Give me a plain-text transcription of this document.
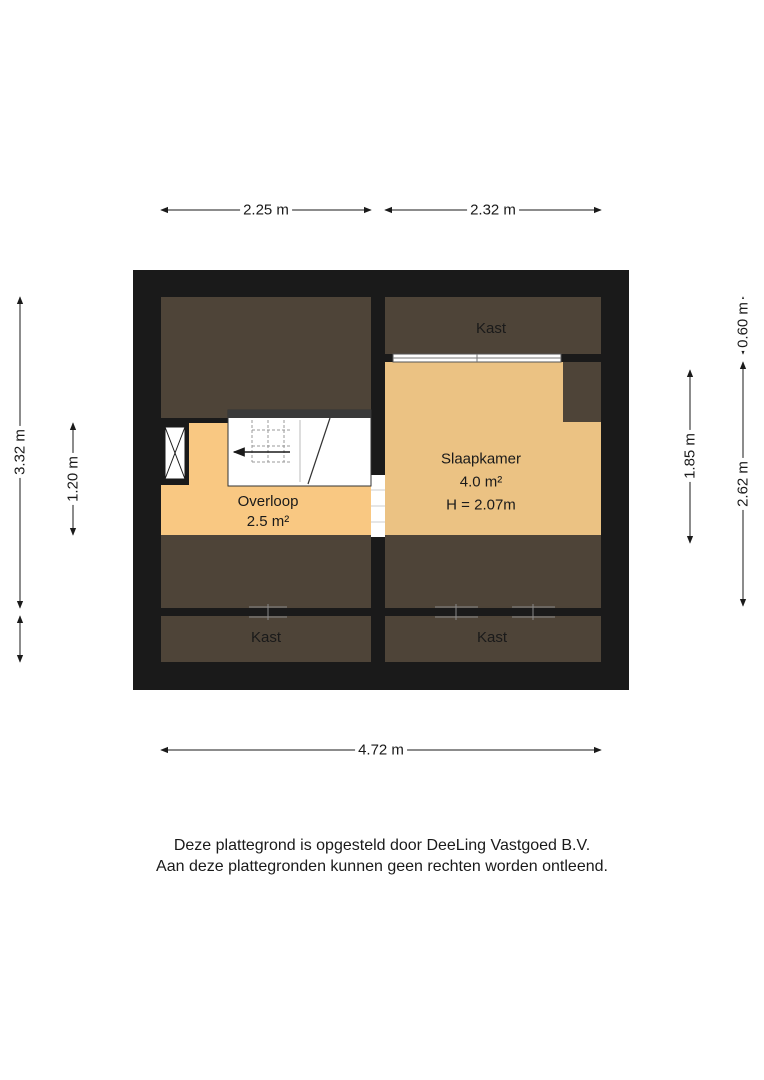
2.25 m	2.32 m
4.72 m
3.32 m
1.20 m
1.85 m
0.60 m
2.62 m
Kast
Overloop
2.5 m²
Slaapkamer
4.0 m²
H = 2.07m
Kast	Kast
Deze plattegrond is opgesteld door DeeLing Vastgoed B.V.
Aan deze plattegronden kunnen geen rechten worden ontleend.
